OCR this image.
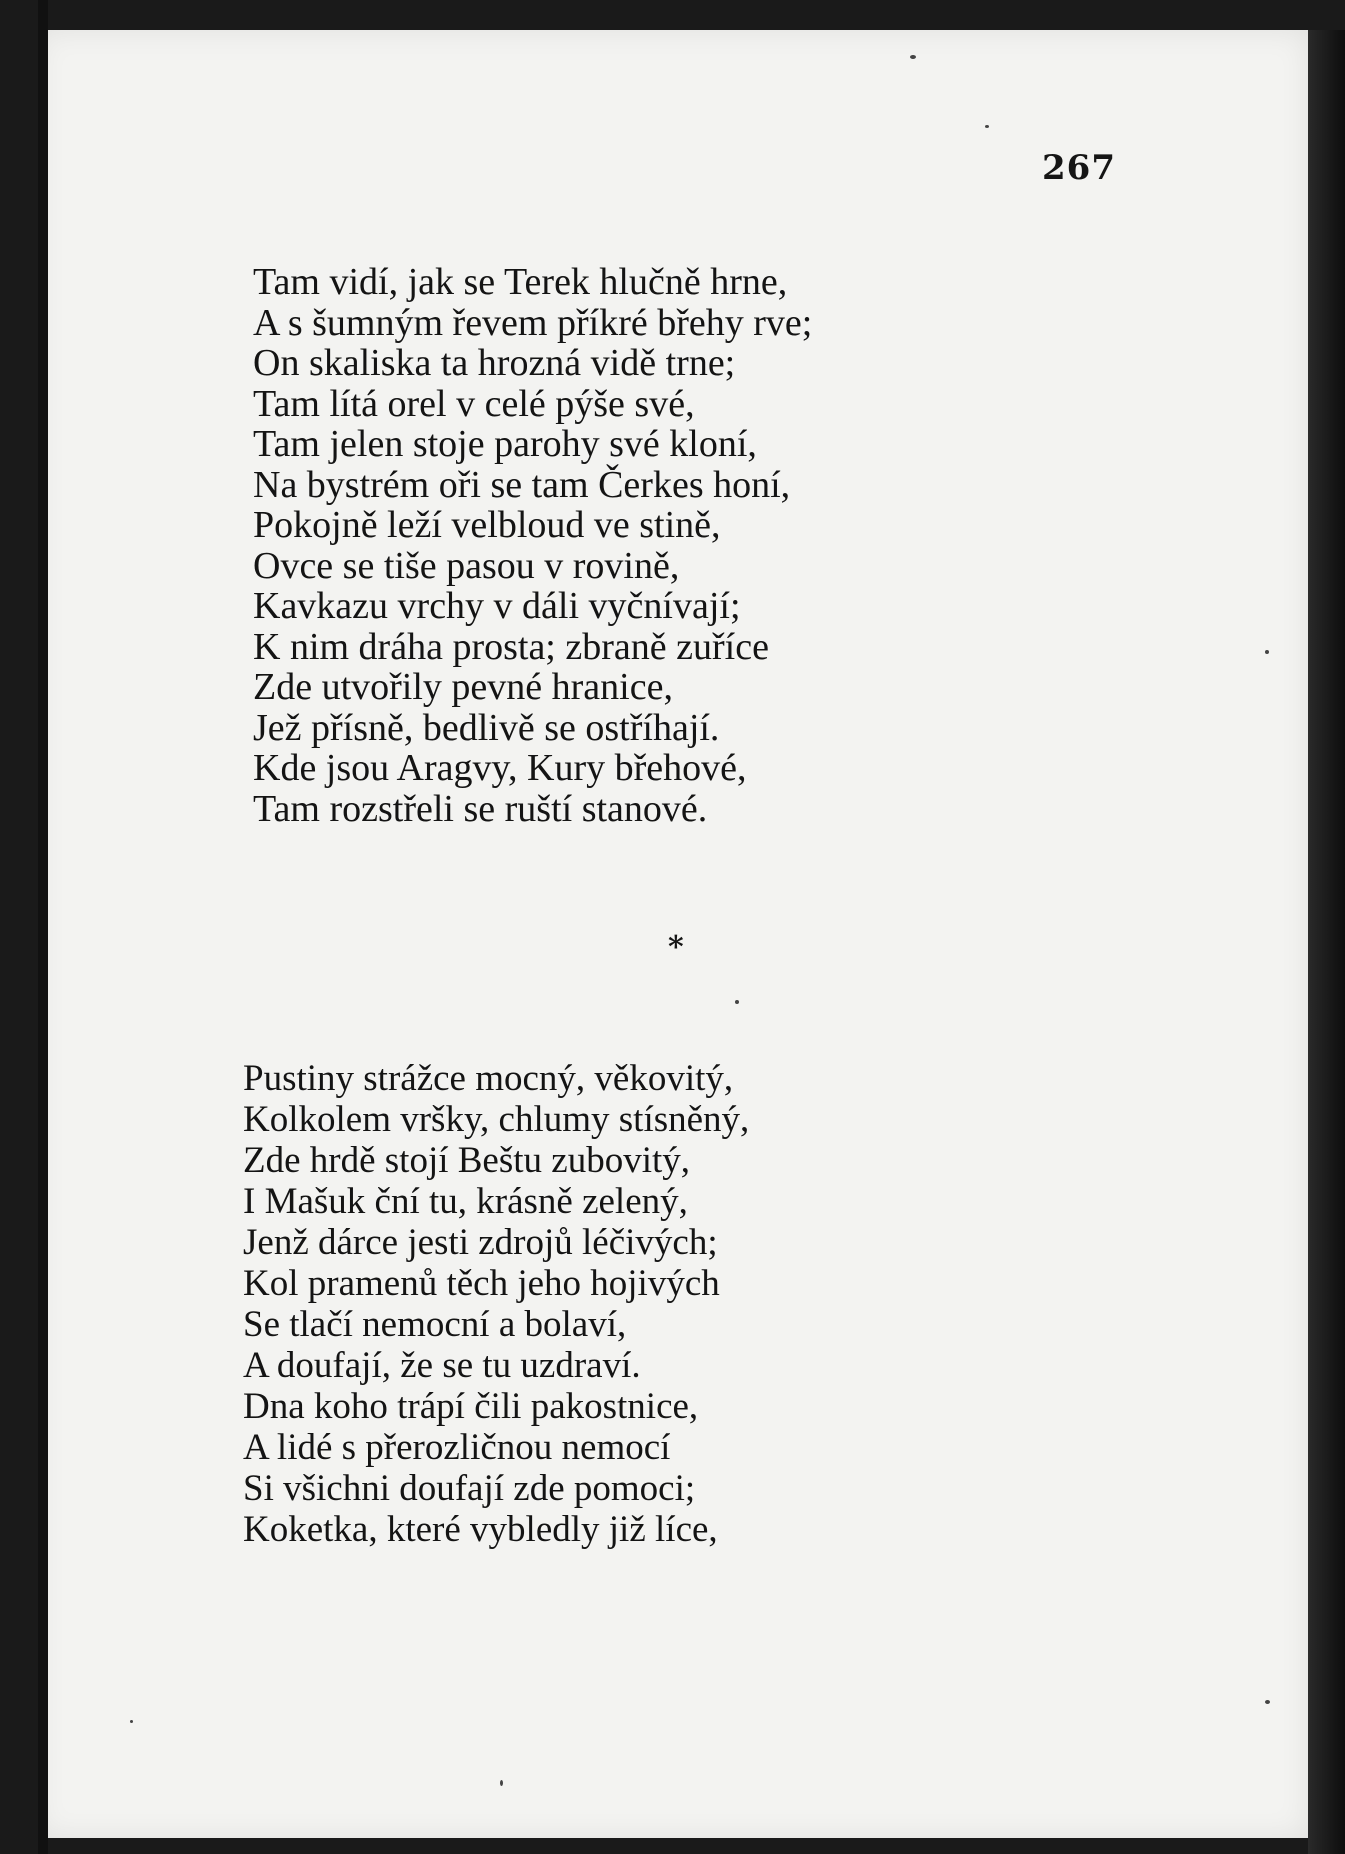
267
Tam vidí, jak se Terek hlučně hrne,
A s šumným řevem příkré břehy rve;
On skaliska ta hrozná vidě trne;
Tam lítá orel v celé pýše své,
Tam jelen stoje parohy své kloní,
Na bystrém oři se tam Čerkes honí,
Pokojně leží velbloud ve stině,
Ovce se tiše pasou v rovině,
Kavkazu vrchy v dáli vyčnívají;
K nim dráha prosta; zbraně zuříce
Zde utvořily pevné hranice,
Jež přísně, bedlivě se ostříhají.
Kde jsou Aragvy, Kury břehové,
Tam rozstřeli se ruští stanové.
*
Pustiny strážce mocný, věkovitý,
Kolkolem vršky, chlumy stísněný,
Zde hrdě stojí Beštu zubovitý,
I Mašuk ční tu, krásně zelený,
Jenž dárce jesti zdrojů léčivých;
Kol pramenů těch jeho hojivých
Se tlačí nemocní a bolaví,
A doufají, že se tu uzdraví.
Dna koho trápí čili pakostnice,
A lidé s přerozličnou nemocí
Si všichni doufají zde pomoci;
Koketka, které vybledly již líce,
